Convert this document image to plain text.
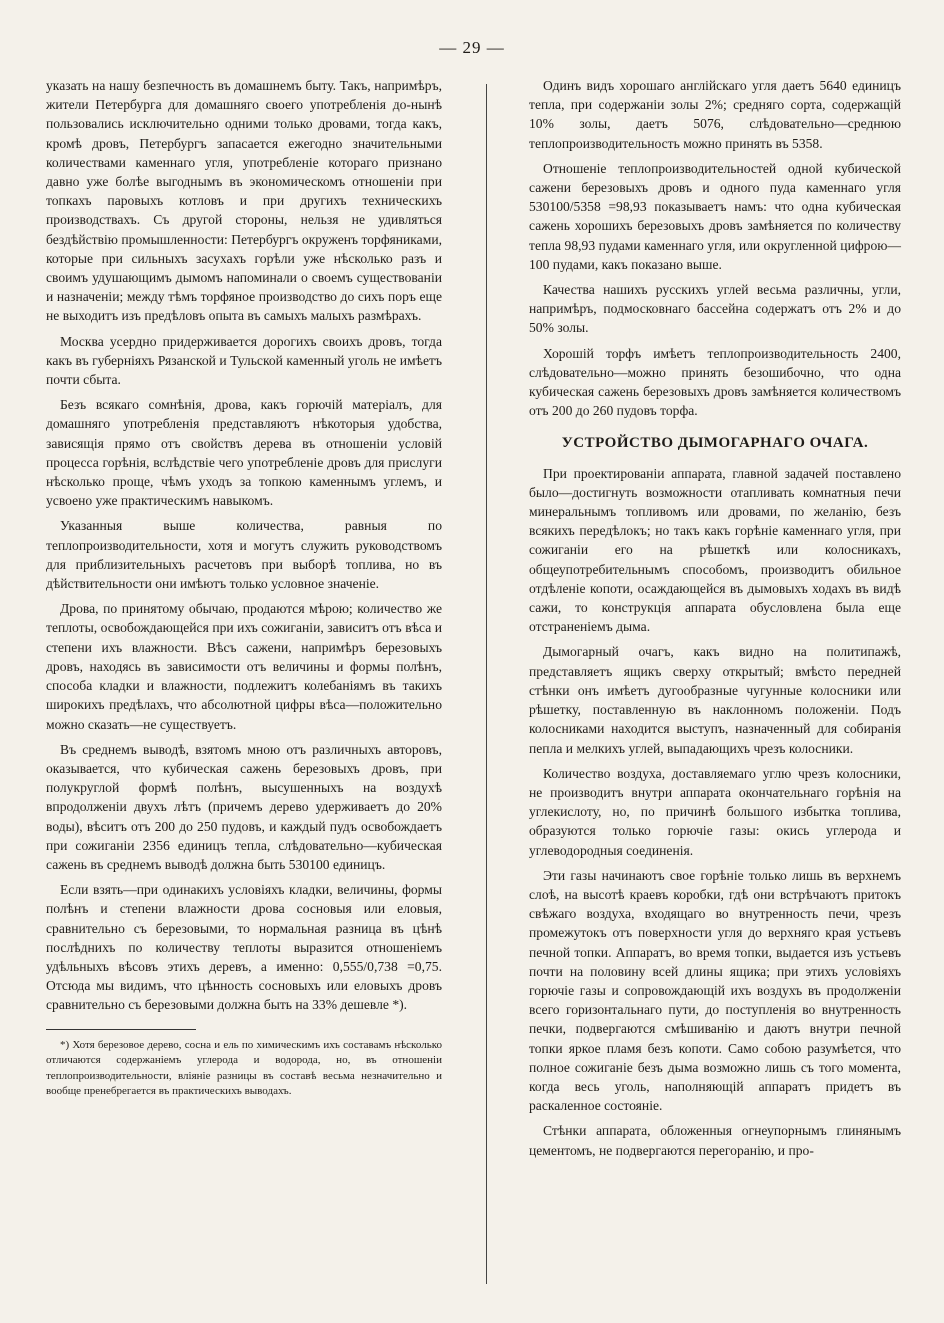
— 29 —

указать на нашу безпечность въ домашнемъ быту. Такъ, напримѣръ, жители Петербурга для домашняго своего употребленія до-нынѣ пользовались исключительно одними только дровами, тогда какъ, кромѣ дровъ, Петербургъ запасается ежегодно значительными количествами каменнаго угля, употребленіе котораго признано давно уже болѣе выгоднымъ въ экономическомъ отношеніи при топкахъ паровыхъ котловъ и при другихъ техническихъ производствахъ. Съ другой стороны, нельзя не удивляться бездѣйствію промышленности: Петербургъ окруженъ торфяниками, которые при сильныхъ засухахъ горѣли уже нѣсколько разъ и своимъ удушающимъ дымомъ напоминали о своемъ существованіи и назначеніи; между тѣмъ торфяное производство до сихъ поръ еще не выходитъ изъ предѣловъ опыта въ самыхъ малыхъ размѣрахъ.

Москва усердно придерживается дорогихъ своихъ дровъ, тогда какъ въ губерніяхъ Рязанской и Тульской каменный уголь не имѣетъ почти сбыта.

Безъ всякаго сомнѣнія, дрова, какъ горючій матеріалъ, для домашняго употребленія представляютъ нѣкоторыя удобства, зависящія прямо отъ свойствъ дерева въ отношеніи условій процесса горѣнія, вслѣдствіе чего употребленіе дровъ для прислуги нѣсколько проще, чѣмъ уходъ за топкою каменнымъ углемъ, и усвоено уже практическимъ навыкомъ.

Указанныя выше количества, равныя по теплопроизводительности, хотя и могутъ служить руководствомъ для приблизительныхъ расчетовъ при выборѣ топлива, но въ дѣйствительности они имѣютъ только условное значеніе.

Дрова, по принятому обычаю, продаются мѣрою; количество же теплоты, освобождающейся при ихъ сожиганіи, зависитъ отъ вѣса и степени ихъ влажности. Вѣсъ сажени, напримѣръ березовыхъ дровъ, находясь въ зависимости отъ величины и формы полѣнъ, способа кладки и влажности, подлежитъ колебаніямъ въ такихъ широкихъ предѣлахъ, что абсолютной цифры вѣса—положительно можно сказать—не существуетъ.

Въ среднемъ выводѣ, взятомъ мною отъ различныхъ авторовъ, оказывается, что кубическая сажень березовыхъ дровъ, при полукруглой формѣ полѣнъ, высушенныхъ на воздухѣ впродолженіи двухъ лѣтъ (причемъ дерево удерживаетъ до 20% воды), вѣситъ отъ 200 до 250 пудовъ, и каждый пудъ освобождаетъ при сожиганіи 2356 единицъ тепла, слѣдовательно—кубическая сажень въ среднемъ выводѣ должна быть 530100 единицъ.

Если взять—при одинакихъ условіяхъ кладки, величины, формы полѣнъ и степени влажности дрова сосновыя или еловыя, сравнительно съ березовыми, то нормальная разница въ цѣнѣ послѣднихъ по количеству теплоты выразится отношеніемъ удѣльныхъ вѣсовъ этихъ деревъ, а именно: 0,555/0,738 =0,75. Отсюда мы видимъ, что цѣнность сосновыхъ или еловыхъ дровъ сравнительно съ березовыми должна быть на 33% дешевле *).

*) Хотя березовое дерево, сосна и ель по химическимъ ихъ составамъ нѣсколько отличаются содержаніемъ углерода и водорода, но, въ отношеніи теплопроизводительности, вліяніе разницы въ составѣ весьма незначительно и вообще пренебрегается въ практическихъ выводахъ.

Одинъ видъ хорошаго англійскаго угля даетъ 5640 единицъ тепла, при содержаніи золы 2%; средняго сорта, содержащій 10% золы, даетъ 5076, слѣдовательно—среднюю теплопроизводительность можно принять въ 5358.

Отношеніе теплопроизводительностей одной кубической сажени березовыхъ дровъ и одного пуда каменнаго угля 530100/5358 =98,93 показываетъ намъ: что одна кубическая сажень хорошихъ березовыхъ дровъ замѣняется по количеству тепла 98,93 пудами каменнаго угля, или округленной цифрою—100 пудами, какъ показано выше.

Качества нашихъ русскихъ углей весьма различны, угли, напримѣръ, подмосковнаго бассейна содержатъ отъ 2% и до 50% золы.

Хорошій торфъ имѣетъ теплопроизводительность 2400, слѣдовательно—можно принять безошибочно, что одна кубическая сажень березовыхъ дровъ замѣняется количествомъ отъ 200 до 260 пудовъ торфа.

УСТРОЙСТВО ДЫМОГАРНАГО ОЧАГА.

При проектированіи аппарата, главной задачей поставлено было—достигнуть возможности отапливать комнатныя печи минеральнымъ топливомъ или дровами, по желанію, безъ всякихъ передѣлокъ; но такъ какъ горѣніе каменнаго угля, при сожиганіи его на рѣшеткѣ или колосникахъ, общеупотребительнымъ способомъ, производитъ обильное отдѣленіе копоти, осаждающейся въ дымовыхъ ходахъ въ видѣ сажи, то конструкція аппарата обусловлена была еще отстраненіемъ дыма.

Дымогарный очагъ, какъ видно на политипажѣ, представляетъ ящикъ сверху открытый; вмѣсто передней стѣнки онъ имѣетъ дугообразные чугунные колосники или рѣшетку, поставленную въ наклонномъ положеніи. Подъ колосниками находится выступъ, назначенный для собиранія пепла и мелкихъ углей, выпадающихъ чрезъ колосники.

Количество воздуха, доставляемаго углю чрезъ колосники, не производитъ внутри аппарата окончательнаго горѣнія на углекислоту, но, по причинѣ большого избытка топлива, образуются только горючіе газы: окись углерода и углеводородныя соединенія.

Эти газы начинаютъ свое горѣніе только лишь въ верхнемъ слоѣ, на высотѣ краевъ коробки, гдѣ они встрѣчаютъ притокъ свѣжаго воздуха, входящаго во внутренность печи, чрезъ промежутокъ отъ поверхности угля до верхняго края устьевъ печной топки. Аппаратъ, во время топки, выдается изъ устьевъ почти на половину всей длины ящика; при этихъ условіяхъ горючіе газы и сопровождающій ихъ воздухъ въ продолженіи всего горизонтальнаго пути, до поступленія во внутренность печки, подвергаются смѣшиванію и даютъ внутри печной топки яркое пламя безъ копоти. Само собою разумѣется, что полное сожиганіе безъ дыма возможно лишь съ того момента, когда весь уголь, наполняющій аппаратъ придетъ въ раскаленное состояніе.

Стѣнки аппарата, обложенныя огнеупорнымъ глинянымъ цементомъ, не подвергаются перегоранію, и про-
